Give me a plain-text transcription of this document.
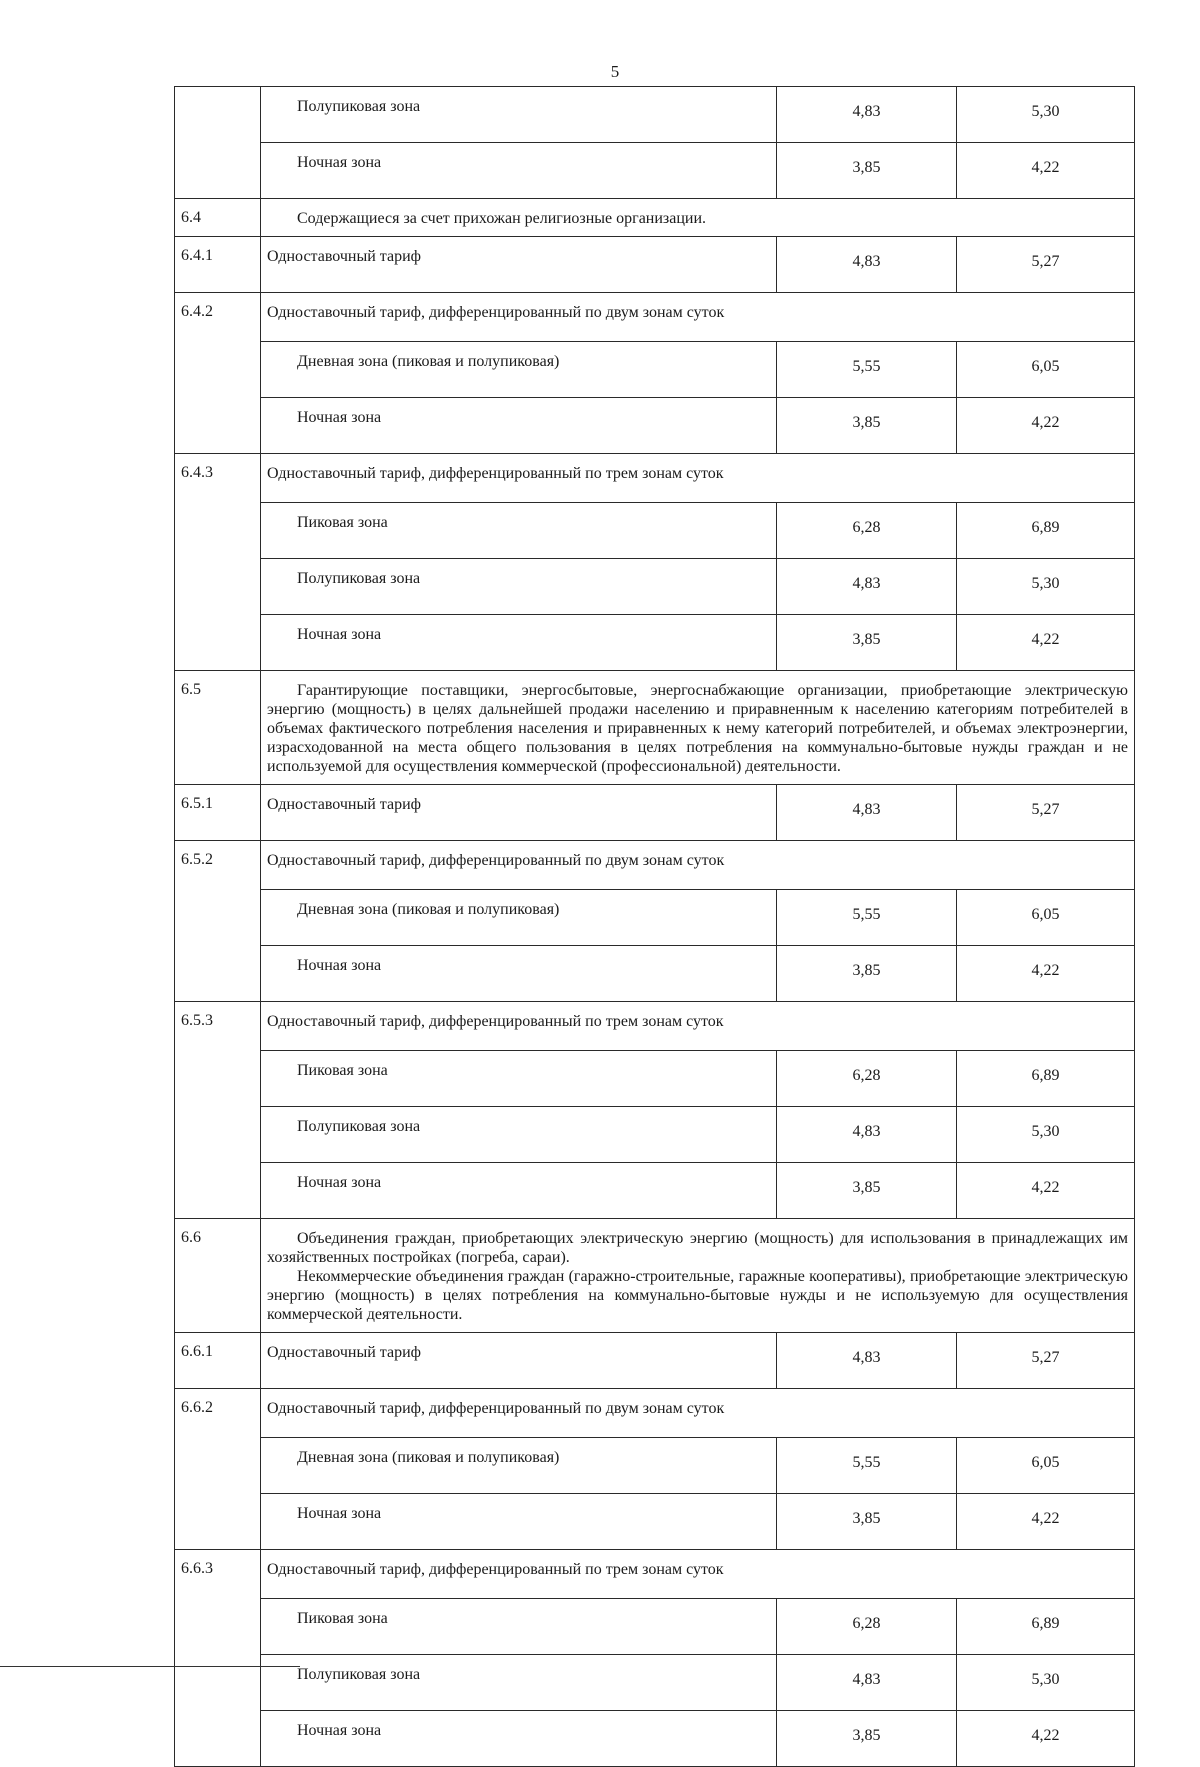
5
	Полупиковая зона	4,83	5,30
	Ночная зона	3,85	4,22
6.4	Содержащиеся за счет прихожан религиозные организации.		

6.4.1	Одноставочный тариф	4,83	5,27
6.4.2	Одноставочный тариф, дифференцированный по двум зонам суток		
	Дневная зона (пиковая и полупиковая)	5,55	6,05
	Ночная зона	3,85	4,22
6.4.3	Одноставочный тариф, дифференцированный по трем зонам суток		
	Пиковая зона	6,28	6,89
	Полупиковая зона	4,83	5,30
	Ночная зона	3,85	4,22
6.5	Гарантирующие поставщики, энергосбытовые, энергоснабжающие организации, приобретающие электрическую энергию (мощность) в целях дальнейшей продажи населению и приравненным к населению категориям потребителей в объемах фактического потребления населения и приравненных к нему категорий потребителей, и объемах электроэнергии, израсходованной на места общего пользования в целях потребления на коммунально-бытовые нужды граждан и не используемой для осуществления коммерческой (профессиональной) деятельности.		

6.5.1	Одноставочный тариф	4,83	5,27
6.5.2	Одноставочный тариф, дифференцированный по двум зонам суток		
	Дневная зона (пиковая и полупиковая)	5,55	6,05
	Ночная зона	3,85	4,22
6.5.3	Одноставочный тариф, дифференцированный по трем зонам суток		
	Пиковая зона	6,28	6,89
	Полупиковая зона	4,83	5,30
	Ночная зона	3,85	4,22
6.6	Объединения граждан, приобретающих электрическую энергию (мощность) для использования в принадлежащих им хозяйственных постройках (погреба, сараи).

Некоммерческие объединения граждан (гаражно-строительные, гаражные кооперативы), приобретающие электрическую энергию (мощность) в целях потребления на коммунально-бытовые нужды и не используемую для осуществления коммерческой деятельности.		

6.6.1	Одноставочный тариф	4,83	5,27
6.6.2	Одноставочный тариф, дифференцированный по двум зонам суток		
	Дневная зона (пиковая и полупиковая)	5,55	6,05
	Ночная зона	3,85	4,22
6.6.3	Одноставочный тариф, дифференцированный по трем зонам суток		
	Пиковая зона	6,28	6,89
	Полупиковая зона	4,83	5,30
	Ночная зона	3,85	4,22
